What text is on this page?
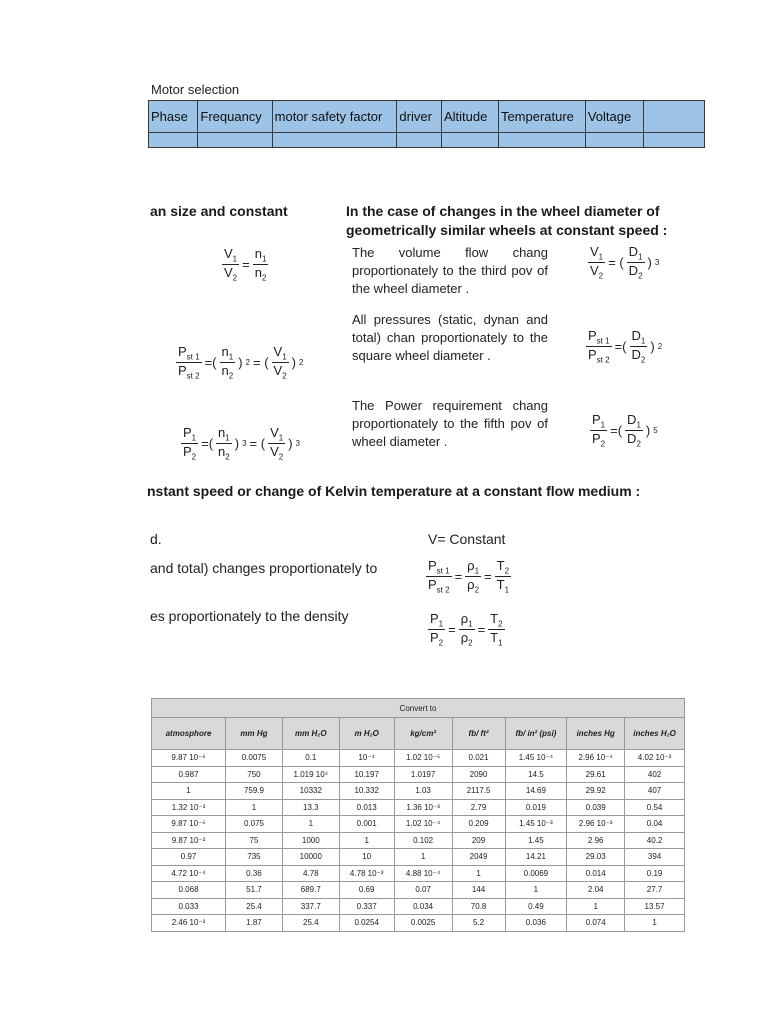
Motor selection
Phase	Frequancy	motor safety factor	driver	Altitude	Temperature	Voltage	

an size and constant	In the case of changes in the wheel diameter of
geometrically similar wheels at constant speed :
$\frac{V_1}{V_2} = \frac{n_1}{n_2}$
$\frac{P_{st 1}}{P_{st 2}}$ =( $\frac{n_1}{n_2}$ ) 2 = ( $\frac{V_1}{V_2}$ ) 2
$\frac{P_1}{P_2}$ =( $\frac{n_1}{n_2}$ ) 3 = ( $\frac{V_1}{V_2}$ ) 3
The volume flow chang proportionately to the third pov of the wheel diameter .
All pressures (static, dynan and total) chan proportionately to the square wheel diameter .
The Power requirement chang proportionately to the fifth pov of wheel diameter .
$\frac{V_1}{V_2}$ = ( $\frac{D_1}{D_2}$ ) 3
$\frac{P_{st 1}}{P_{st 2}}$ =( $\frac{D_1}{D_2}$ ) 2
$\frac{P_1}{P_2}$ =( $\frac{D_1}{D_2}$ ) 5
nstant speed or change of Kelvin temperature at a constant flow medium :
d.	V= Constant
and total) changes proportionately to
es proportionately to the density
$\frac{P_{st 1}}{P_{st 2}} = \frac{\rho_1}{\rho_2} = \frac{T_2}{T_1}$
$\frac{P_1}{P_2} = \frac{\rho_1}{\rho_2} = \frac{T_2}{T_1}$
Convert to								
atmosphore	mm Hg	mm H₂O	m H₂O	kg/cm²	fb/ ft²	fb/ in² (psi)	inches Hg	inches H₂O
9.87 10⁻⁶	0.0075	0.1	10⁻⁴	1.02 10⁻⁵	0.021	1.45 10⁻⁴	2.96 10⁻⁴	4.02 10⁻³
0.987	750	1.019 10⁴	10.197	1.0197	2090	14.5	29.61	402
1	759.9	10332	10.332	1.03	2117.5	14.69	29.92	407
1.32 10⁻³	1	13.3	0.013	1.36 10⁻³	2.79	0.019	0.039	0.54
9.87 10⁻⁵	0.075	1	0.001	1.02 10⁻⁴	0.209	1.45 10⁻³	2.96 10⁻³	0.04
9.87 10⁻²	75	1000	1	0.102	209	1.45	2.96	40.2
0.97	735	10000	10	1	2049	14.21	29.03	394
4.72 10⁻⁴	0.36	4.78	4.78 10⁻³	4.88 10⁻⁴	1	0.0069	0.014	0.19
0.068	51.7	689.7	0.69	0.07	144	1	2.04	27.7
0.033	25.4	337.7	0.337	0.034	70.8	0.49	1	13.57
2.46 10⁻³	1.87	25.4	0.0254	0.0025	5.2	0.036	0.074	1
